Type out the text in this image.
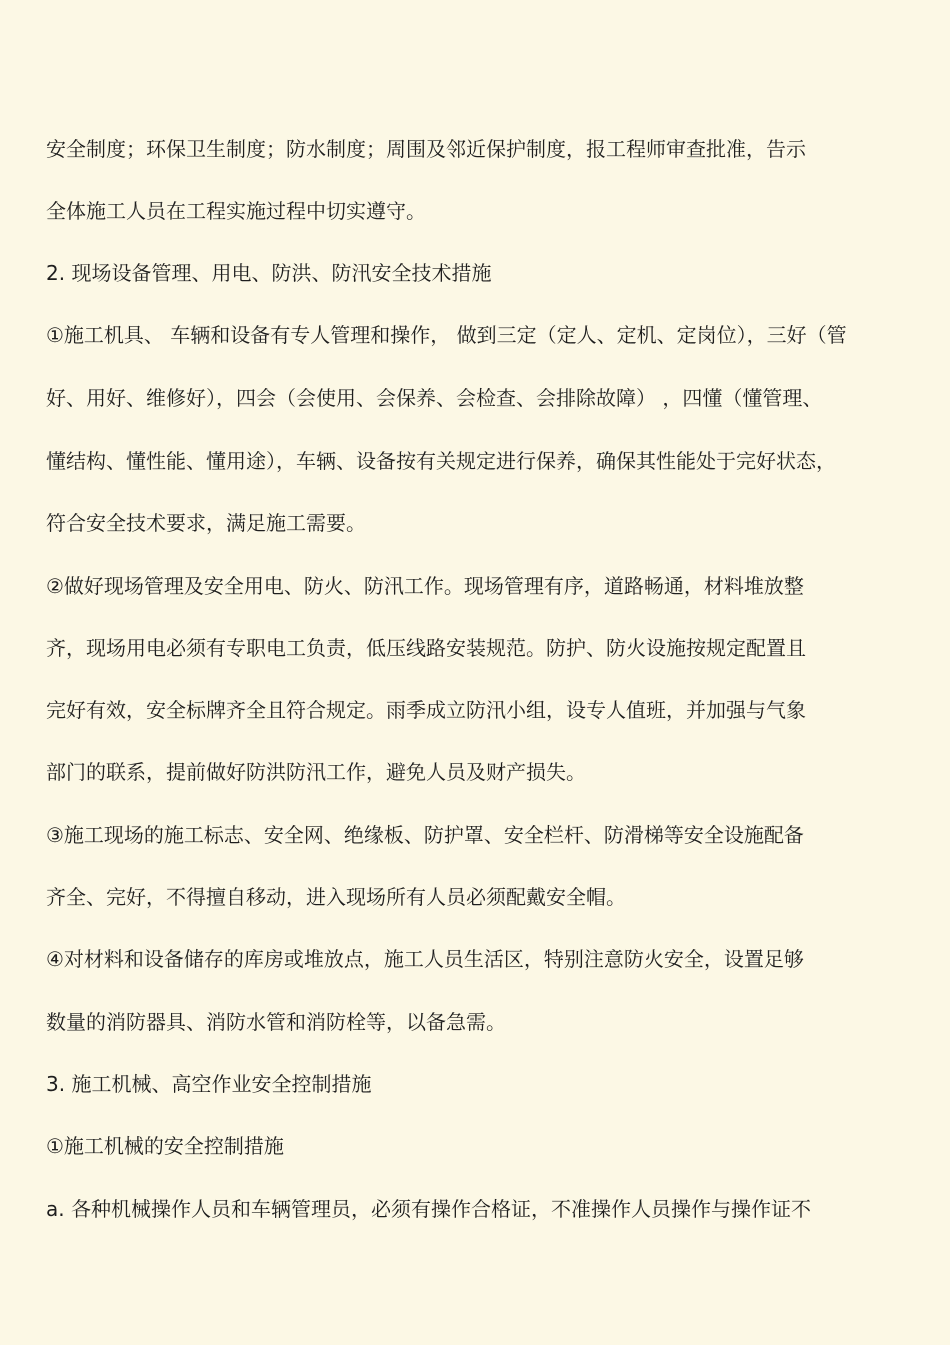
安全制度；环保卫生制度；防水制度；周围及邻近保护制度，报工程师审查批准，告示

全体施工人员在工程实施过程中切实遵守。

2. 现场设备管理、用电、防洪、防汛安全技术措施

①施工机具、 车辆和设备有专人管理和操作， 做到三定（定人、定机、定岗位），三好（管

好、用好、维修好），四会（会使用、会保养、会检查、会排除故障） ，四懂（懂管理、

懂结构、懂性能、懂用途），车辆、设备按有关规定进行保养，确保其性能处于完好状态，

符合安全技术要求，满足施工需要。

②做好现场管理及安全用电、防火、防汛工作。现场管理有序，道路畅通，材料堆放整

齐，现场用电必须有专职电工负责，低压线路安装规范。防护、防火设施按规定配置且

完好有效，安全标牌齐全且符合规定。雨季成立防汛小组，设专人值班，并加强与气象

部门的联系，提前做好防洪防汛工作，避免人员及财产损失。

③施工现场的施工标志、安全网、绝缘板、防护罩、安全栏杆、防滑梯等安全设施配备

齐全、完好，不得擅自移动，进入现场所有人员必须配戴安全帽。

④对材料和设备储存的库房或堆放点，施工人员生活区，特别注意防火安全，设置足够

数量的消防器具、消防水管和消防栓等，以备急需。

3. 施工机械、高空作业安全控制措施

①施工机械的安全控制措施

a. 各种机械操作人员和车辆管理员，必须有操作合格证，不准操作人员操作与操作证不
